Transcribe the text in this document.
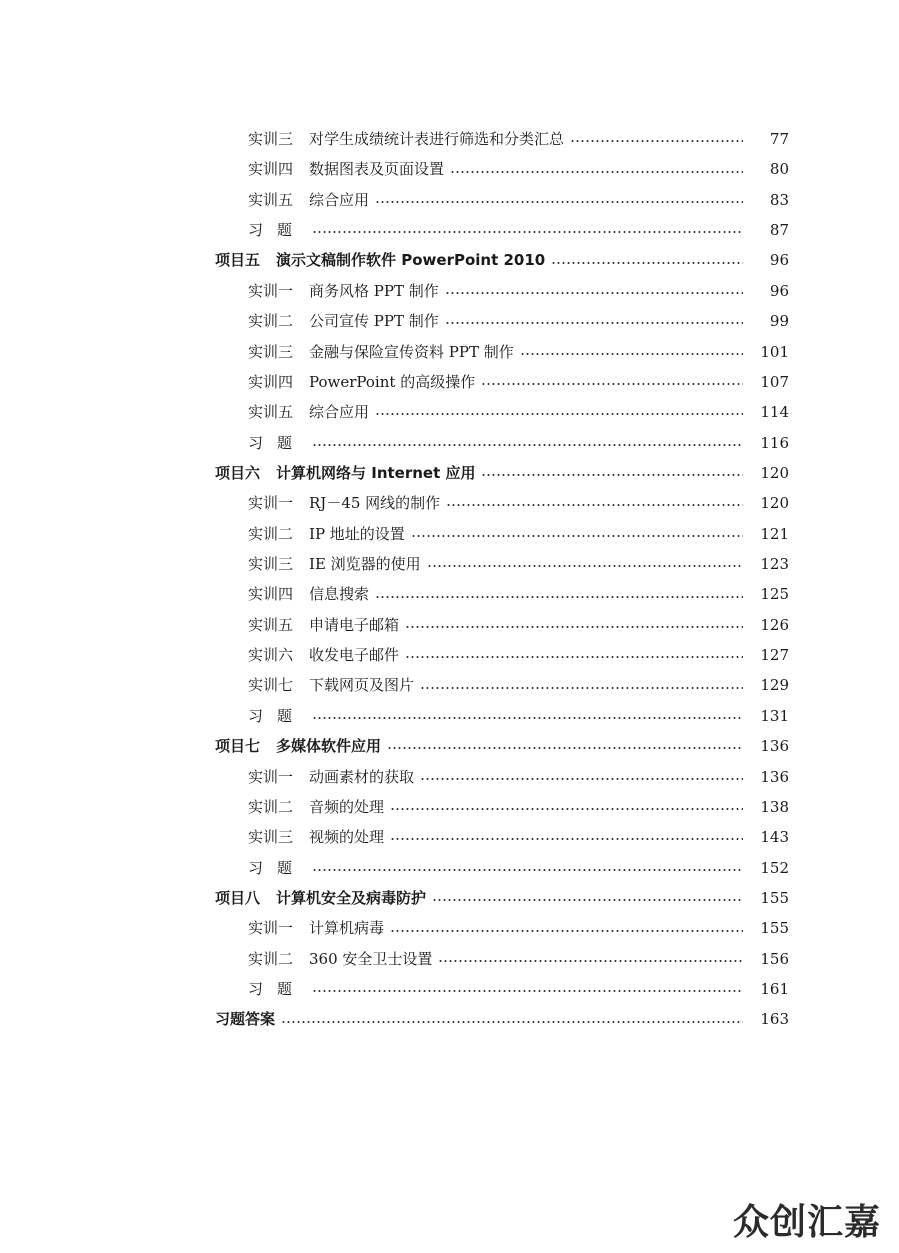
实训三 对学生成绩统计表进行筛选和分类汇总	77
实训四 数据图表及页面设置	80
实训五 综合应用	83
习题	87
项目五 演示文稿制作软件 PowerPoint 2010	96
实训一 商务风格 PPT 制作	96
实训二 公司宣传 PPT 制作	99
实训三 金融与保险宣传资料 PPT 制作	101
实训四 PowerPoint 的高级操作	107
实训五 综合应用	114
习题	116
项目六 计算机网络与 Internet 应用	120
实训一 RJ－45 网线的制作	120
实训二 IP 地址的设置	121
实训三 IE 浏览器的使用	123
实训四 信息搜索	125
实训五 申请电子邮箱	126
实训六 收发电子邮件	127
实训七 下载网页及图片	129
习题	131
项目七 多媒体软件应用	136
实训一 动画素材的获取	136
实训二 音频的处理	138
实训三 视频的处理	143
习题	152
项目八 计算机安全及病毒防护	155
实训一 计算机病毒	155
实训二 360 安全卫士设置	156
习题	161
习题答案	163
众创汇嘉
